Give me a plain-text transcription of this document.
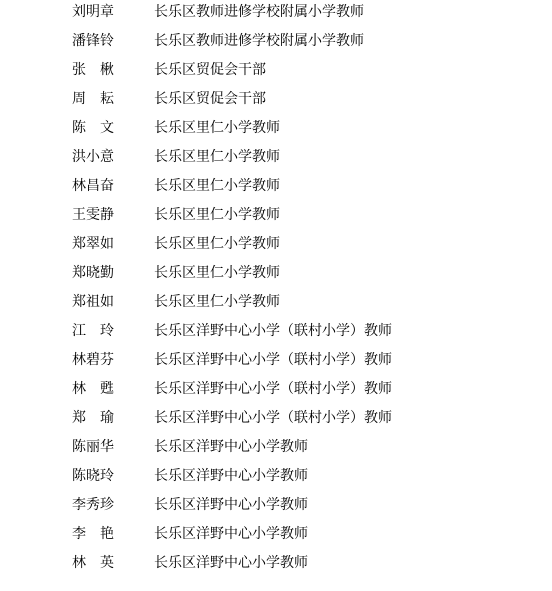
刘明章	长乐区教师进修学校附属小学教师
潘锋铃	长乐区教师进修学校附属小学教师
张　楸	长乐区贸促会干部
周　耘	长乐区贸促会干部
陈　文	长乐区里仁小学教师
洪小意	长乐区里仁小学教师
林昌奋	长乐区里仁小学教师
王雯静	长乐区里仁小学教师
郑翠如	长乐区里仁小学教师
郑晓勤	长乐区里仁小学教师
郑祖如	长乐区里仁小学教师
江　玲	长乐区洋野中心小学（联村小学）教师
林碧芬	长乐区洋野中心小学（联村小学）教师
林　甦	长乐区洋野中心小学（联村小学）教师
郑　瑜	长乐区洋野中心小学（联村小学）教师
陈丽华	长乐区洋野中心小学教师
陈晓玲	长乐区洋野中心小学教师
李秀珍	长乐区洋野中心小学教师
李　艳	长乐区洋野中心小学教师
林　英	长乐区洋野中心小学教师
